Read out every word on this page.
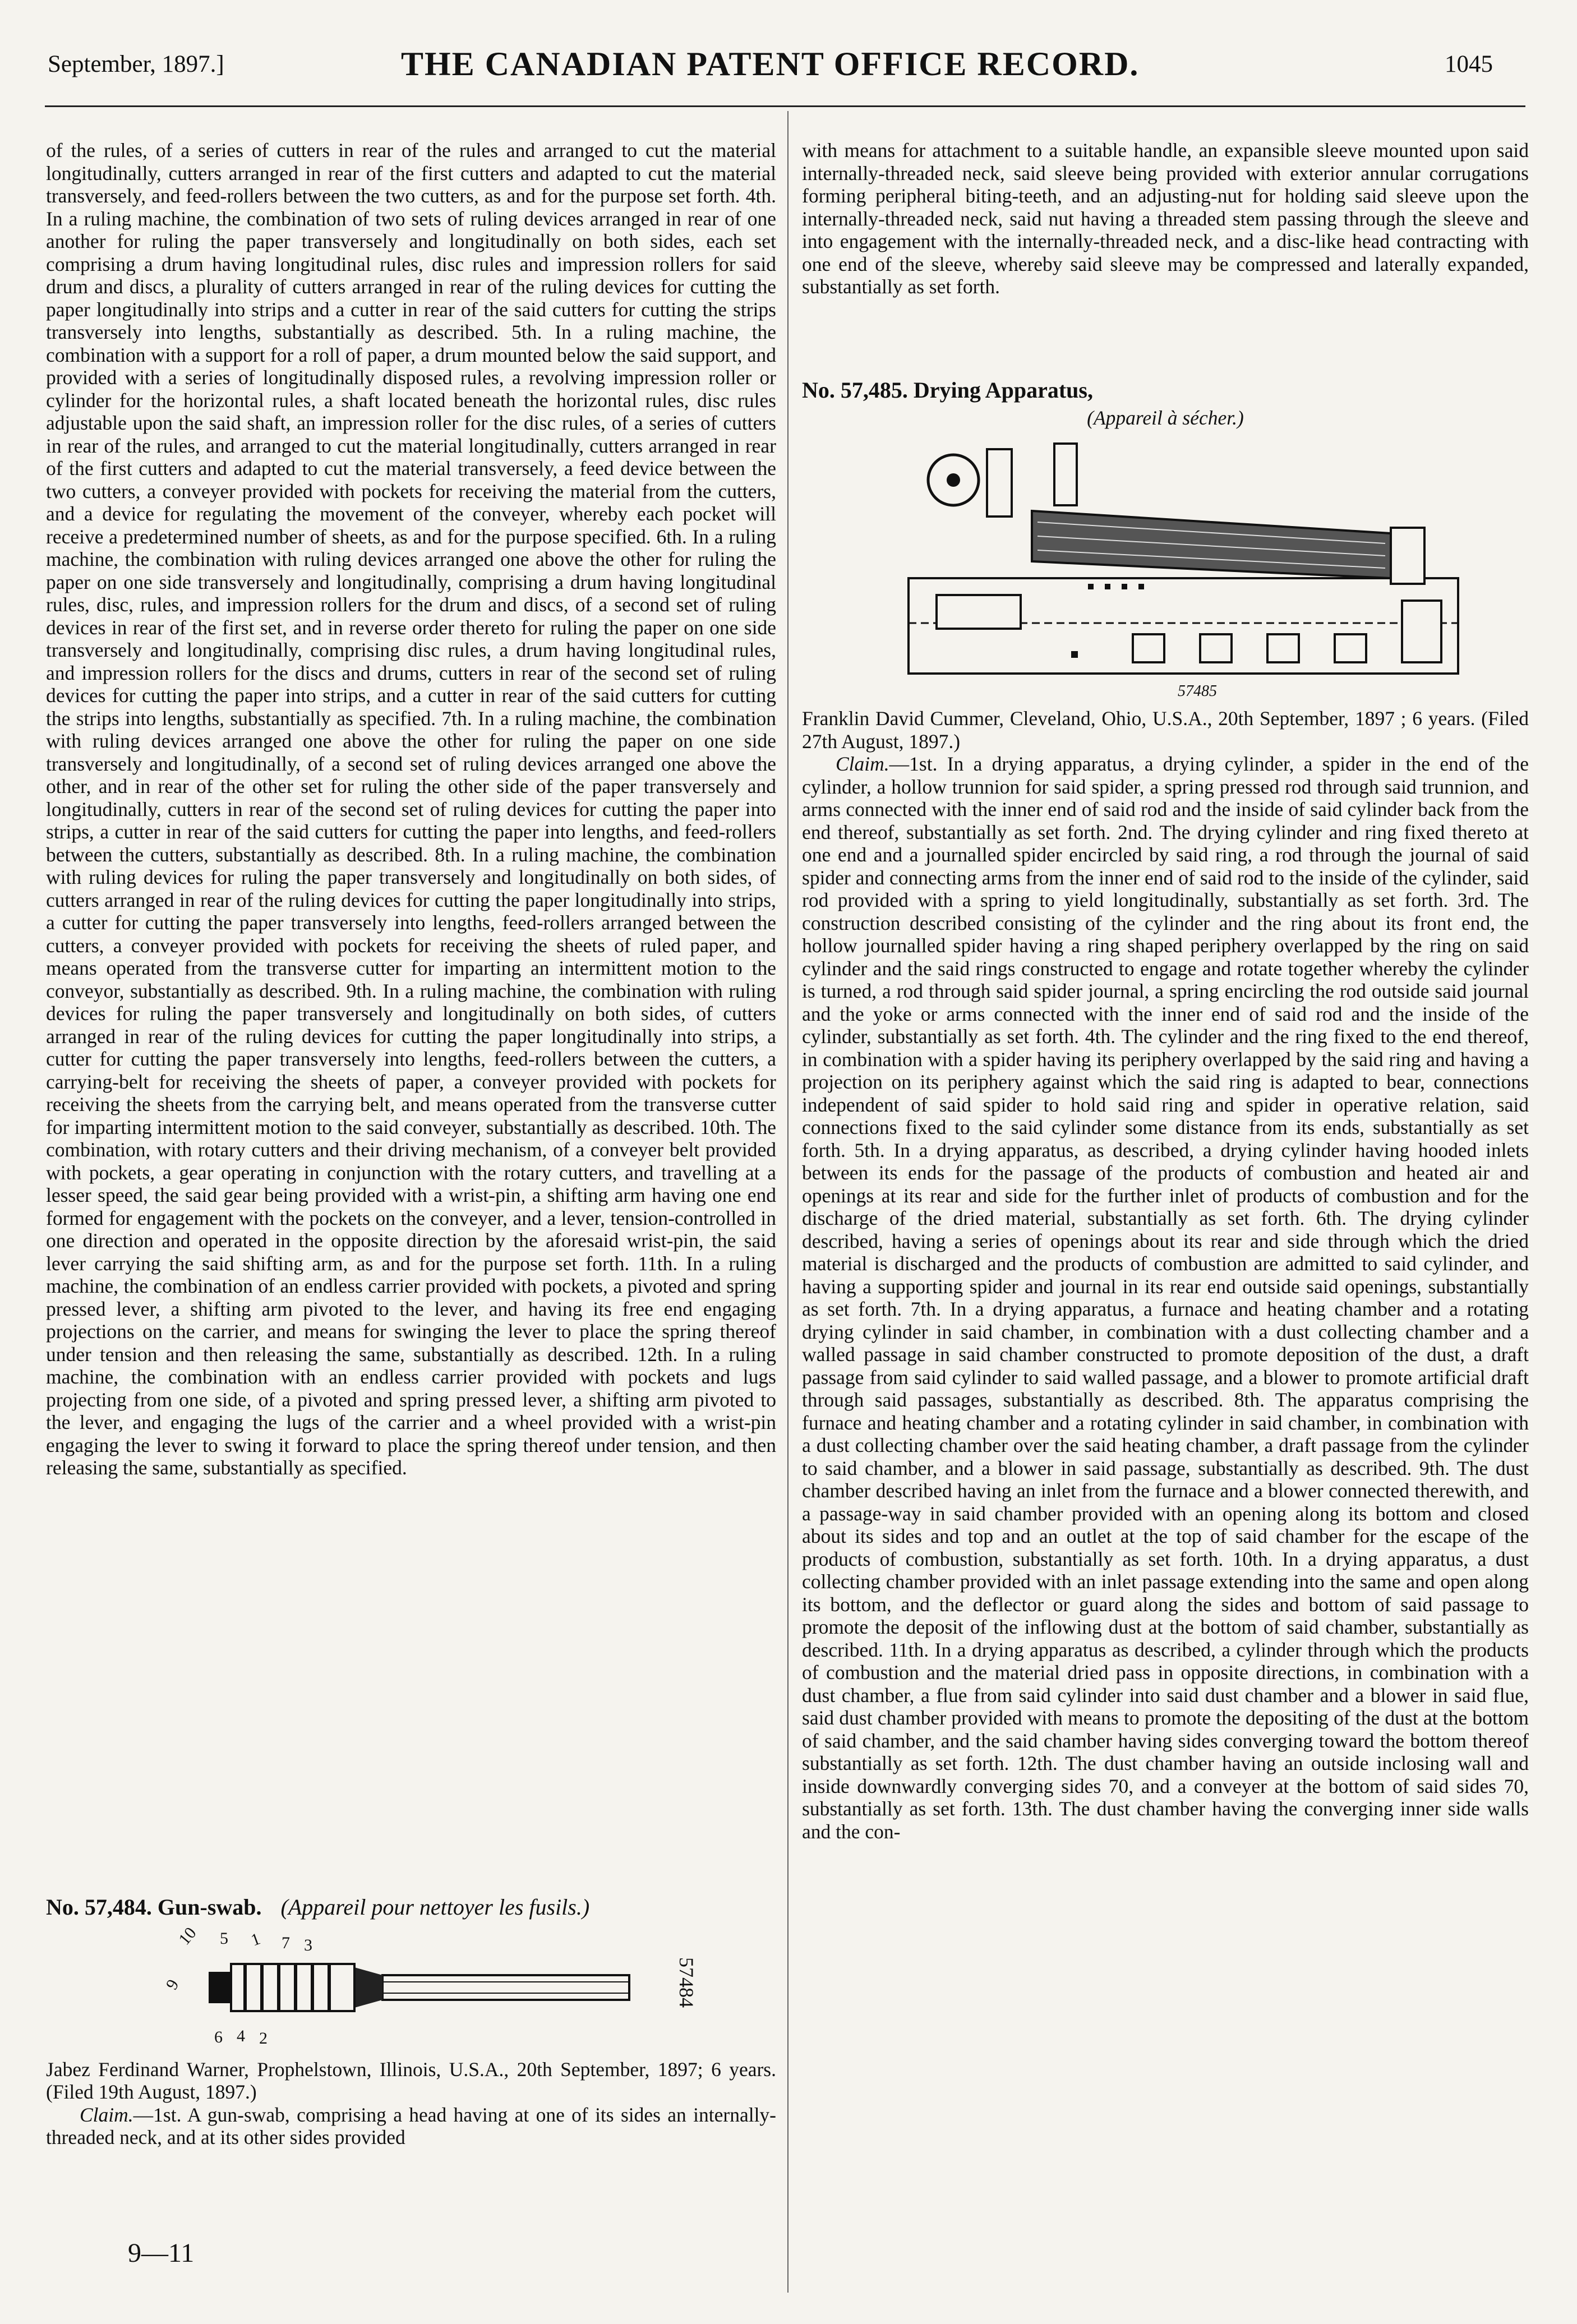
September, 1897.]	THE CANADIAN PATENT OFFICE RECORD.	1045

of the rules, of a series of cutters in rear of the rules and arranged to cut the material longitudinally, cutters arranged in rear of the first cutters and adapted to cut the material transversely, and feed-rollers between the two cutters, as and for the purpose set forth. 4th. In a ruling machine, the combination of two sets of ruling devices arranged in rear of one another for ruling the paper transversely and longitudinally on both sides, each set comprising a drum having longitudinal rules, disc rules and impression rollers for said drum and discs, a plurality of cutters arranged in rear of the ruling devices for cutting the paper longitudinally into strips and a cutter in rear of the said cutters for cutting the strips transversely into lengths, substantially as described. 5th. In a ruling machine, the combination with a support for a roll of paper, a drum mounted below the said support, and provided with a series of longitudinally disposed rules, a revolving impression roller or cylinder for the horizontal rules, a shaft located beneath the horizontal rules, disc rules adjustable upon the said shaft, an impression roller for the disc rules, of a series of cutters in rear of the rules, and arranged to cut the material longitudinally, cutters arranged in rear of the first cutters and adapted to cut the material transversely, a feed device between the two cutters, a conveyer provided with pockets for receiving the material from the cutters, and a device for regulating the movement of the conveyer, whereby each pocket will receive a predetermined number of sheets, as and for the purpose specified. 6th. In a ruling machine, the combination with ruling devices arranged one above the other for ruling the paper on one side transversely and longitudinally, comprising a drum having longitudinal rules, disc, rules, and impression rollers for the drum and discs, of a second set of ruling devices in rear of the first set, and in reverse order thereto for ruling the paper on one side transversely and longitudinally, comprising disc rules, a drum having longitudinal rules, and impression rollers for the discs and drums, cutters in rear of the second set of ruling devices for cutting the paper into strips, and a cutter in rear of the said cutters for cutting the strips into lengths, substantially as specified. 7th. In a ruling machine, the combination with ruling devices arranged one above the other for ruling the paper on one side transversely and longitudinally, of a second set of ruling devices arranged one above the other, and in rear of the other set for ruling the other side of the paper transversely and longitudinally, cutters in rear of the second set of ruling devices for cutting the paper into strips, a cutter in rear of the said cutters for cutting the paper into lengths, and feed-rollers between the cutters, substantially as described. 8th. In a ruling machine, the combination with ruling devices for ruling the paper transversely and longitudinally on both sides, of cutters arranged in rear of the ruling devices for cutting the paper longitudinally into strips, a cutter for cutting the paper transversely into lengths, feed-rollers arranged between the cutters, a conveyer provided with pockets for receiving the sheets of ruled paper, and means operated from the transverse cutter for imparting an intermittent motion to the conveyor, substantially as described. 9th. In a ruling machine, the combination with ruling devices for ruling the paper transversely and longitudinally on both sides, of cutters arranged in rear of the ruling devices for cutting the paper longitudinally into strips, a cutter for cutting the paper transversely into lengths, feed-rollers between the cutters, a carrying-belt for receiving the sheets of paper, a conveyer provided with pockets for receiving the sheets from the carrying belt, and means operated from the transverse cutter for imparting intermittent motion to the said conveyer, substantially as described. 10th. The combination, with rotary cutters and their driving mechanism, of a conveyer belt provided with pockets, a gear operating in conjunction with the rotary cutters, and travelling at a lesser speed, the said gear being provided with a wrist-pin, a shifting arm having one end formed for engagement with the pockets on the conveyer, and a lever, tension-controlled in one direction and operated in the opposite direction by the aforesaid wrist-pin, the said lever carrying the said shifting arm, as and for the purpose set forth. 11th. In a ruling machine, the combination of an endless carrier provided with pockets, a pivoted and spring pressed lever, a shifting arm pivoted to the lever, and having its free end engaging projections on the carrier, and means for swinging the lever to place the spring thereof under tension and then releasing the same, substantially as described. 12th. In a ruling machine, the combination with an endless carrier provided with pockets and lugs projecting from one side, of a pivoted and spring pressed lever, a shifting arm pivoted to the lever, and engaging the lugs of the carrier and a wheel provided with a wrist-pin engaging the lever to swing it forward to place the spring thereof under tension, and then releasing the same, substantially as specified.

No. 57,484. Gun-swab. (Appareil pour nettoyer les fusils.)
10 5 1 7 3
6 4 2
9	57484

Jabez Ferdinand Warner, Prophelstown, Illinois, U.S.A., 20th September, 1897; 6 years. (Filed 19th August, 1897.)

Claim.—1st. A gun-swab, comprising a head having at one of its sides an internally-threaded neck, and at its other sides provided

with means for attachment to a suitable handle, an expansible sleeve mounted upon said internally-threaded neck, said sleeve being provided with exterior annular corrugations forming peripheral biting-teeth, and an adjusting-nut for holding said sleeve upon the internally-threaded neck, said nut having a threaded stem passing through the sleeve and into engagement with the internally-threaded neck, and a disc-like head contracting with one end of the sleeve, whereby said sleeve may be compressed and laterally expanded, substantially as set forth.

No. 57,485. Drying Apparatus,
(Appareil à sécher.)
57485

Franklin David Cummer, Cleveland, Ohio, U.S.A., 20th September, 1897 ; 6 years. (Filed 27th August, 1897.)

Claim.—1st. In a drying apparatus, a drying cylinder, a spider in the end of the cylinder, a hollow trunnion for said spider, a spring pressed rod through said trunnion, and arms connected with the inner end of said rod and the inside of said cylinder back from the end thereof, substantially as set forth. 2nd. The drying cylinder and ring fixed thereto at one end and a journalled spider encircled by said ring, a rod through the journal of said spider and connecting arms from the inner end of said rod to the inside of the cylinder, said rod provided with a spring to yield longitudinally, substantially as set forth. 3rd. The construction described consisting of the cylinder and the ring about its front end, the hollow journalled spider having a ring shaped periphery overlapped by the ring on said cylinder and the said rings constructed to engage and rotate together whereby the cylinder is turned, a rod through said spider journal, a spring encircling the rod outside said journal and the yoke or arms connected with the inner end of said rod and the inside of the cylinder, substantially as set forth. 4th. The cylinder and the ring fixed to the end thereof, in combination with a spider having its periphery overlapped by the said ring and having a projection on its periphery against which the said ring is adapted to bear, connections independent of said spider to hold said ring and spider in operative relation, said connections fixed to the said cylinder some distance from its ends, substantially as set forth. 5th. In a drying apparatus, as described, a drying cylinder having hooded inlets between its ends for the passage of the products of combustion and heated air and openings at its rear and side for the further inlet of products of combustion and for the discharge of the dried material, substantially as set forth. 6th. The drying cylinder described, having a series of openings about its rear and side through which the dried material is discharged and the products of combustion are admitted to said cylinder, and having a supporting spider and journal in its rear end outside said openings, substantially as set forth. 7th. In a drying apparatus, a furnace and heating chamber and a rotating drying cylinder in said chamber, in combination with a dust collecting chamber and a walled passage in said chamber constructed to promote deposition of the dust, a draft passage from said cylinder to said walled passage, and a blower to promote artificial draft through said passages, substantially as described. 8th. The apparatus comprising the furnace and heating chamber and a rotating cylinder in said chamber, in combination with a dust collecting chamber over the said heating chamber, a draft passage from the cylinder to said chamber, and a blower in said passage, substantially as described. 9th. The dust chamber described having an inlet from the furnace and a blower connected therewith, and a passage-way in said chamber provided with an opening along its bottom and closed about its sides and top and an outlet at the top of said chamber for the escape of the products of combustion, substantially as set forth. 10th. In a drying apparatus, a dust collecting chamber provided with an inlet passage extending into the same and open along its bottom, and the deflector or guard along the sides and bottom of said passage to promote the deposit of the inflowing dust at the bottom of said chamber, substantially as described. 11th. In a drying apparatus as described, a cylinder through which the products of combustion and the material dried pass in opposite directions, in combination with a dust chamber, a flue from said cylinder into said dust chamber and a blower in said flue, said dust chamber provided with means to promote the depositing of the dust at the bottom of said chamber, and the said chamber having sides converging toward the bottom thereof substantially as set forth. 12th. The dust chamber having an outside inclosing wall and inside downwardly converging sides 70, and a conveyer at the bottom of said sides 70, substantially as set forth. 13th. The dust chamber having the converging inner side walls and the con-

9—11
